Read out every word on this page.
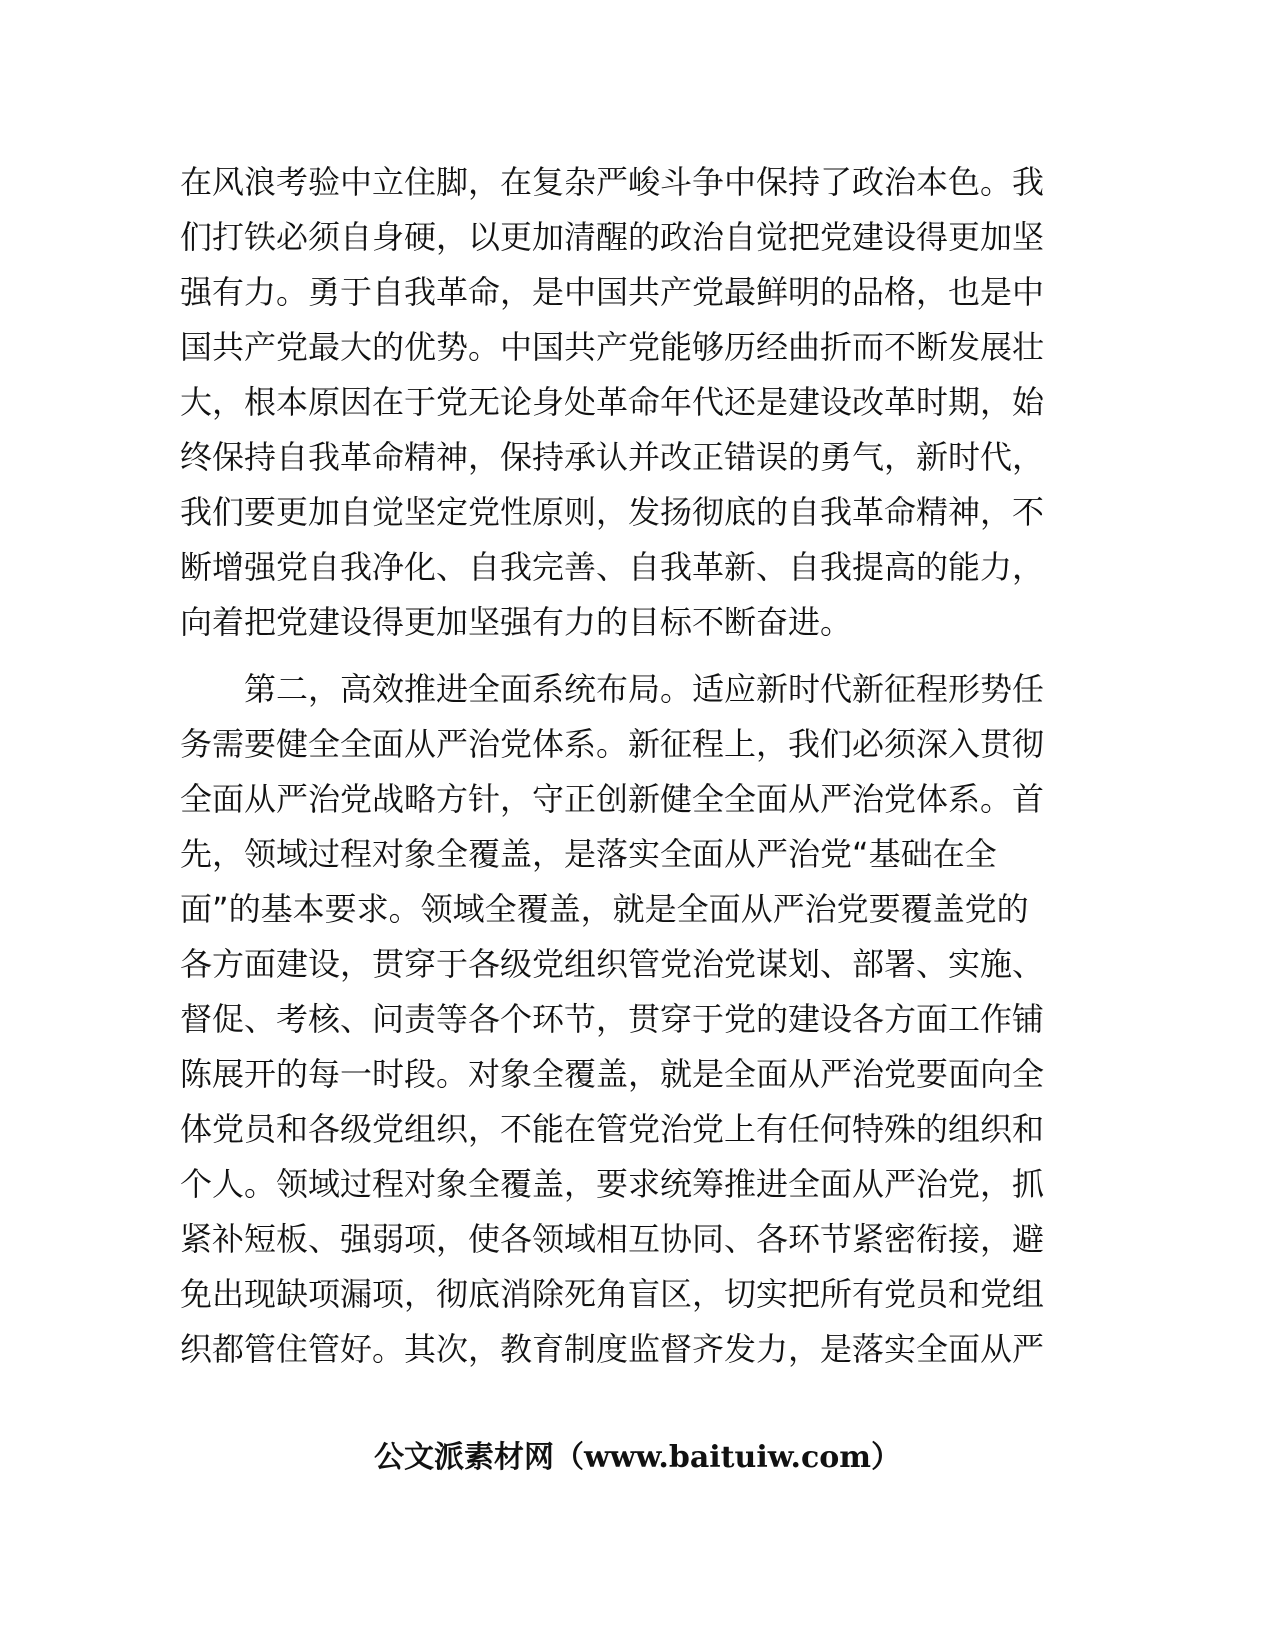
在风浪考验中立住脚，在复杂严峻斗争中保持了政治本色。我
们打铁必须自身硬，以更加清醒的政治自觉把党建设得更加坚
强有力。勇于自我革命，是中国共产党最鲜明的品格，也是中
国共产党最大的优势。中国共产党能够历经曲折而不断发展壮
大，根本原因在于党无论身处革命年代还是建设改革时期，始
终保持自我革命精神，保持承认并改正错误的勇气，新时代，
我们要更加自觉坚定党性原则，发扬彻底的自我革命精神，不
断增强党自我净化、自我完善、自我革新、自我提高的能力，
向着把党建设得更加坚强有力的目标不断奋进。

　　第二，高效推进全面系统布局。适应新时代新征程形势任
务需要健全全面从严治党体系。新征程上，我们必须深入贯彻
全面从严治党战略方针，守正创新健全全面从严治党体系。首
先，领域过程对象全覆盖，是落实全面从严治党“基础在全
面”的基本要求。领域全覆盖，就是全面从严治党要覆盖党的
各方面建设，贯穿于各级党组织管党治党谋划、部署、实施、
督促、考核、问责等各个环节，贯穿于党的建设各方面工作铺
陈展开的每一时段。对象全覆盖，就是全面从严治党要面向全
体党员和各级党组织，不能在管党治党上有任何特殊的组织和
个人。领域过程对象全覆盖，要求统筹推进全面从严治党，抓
紧补短板、强弱项，使各领域相互协同、各环节紧密衔接，避
免出现缺项漏项，彻底消除死角盲区，切实把所有党员和党组
织都管住管好。其次，教育制度监督齐发力，是落实全面从严

公文派素材网（www.baituiw.com）
